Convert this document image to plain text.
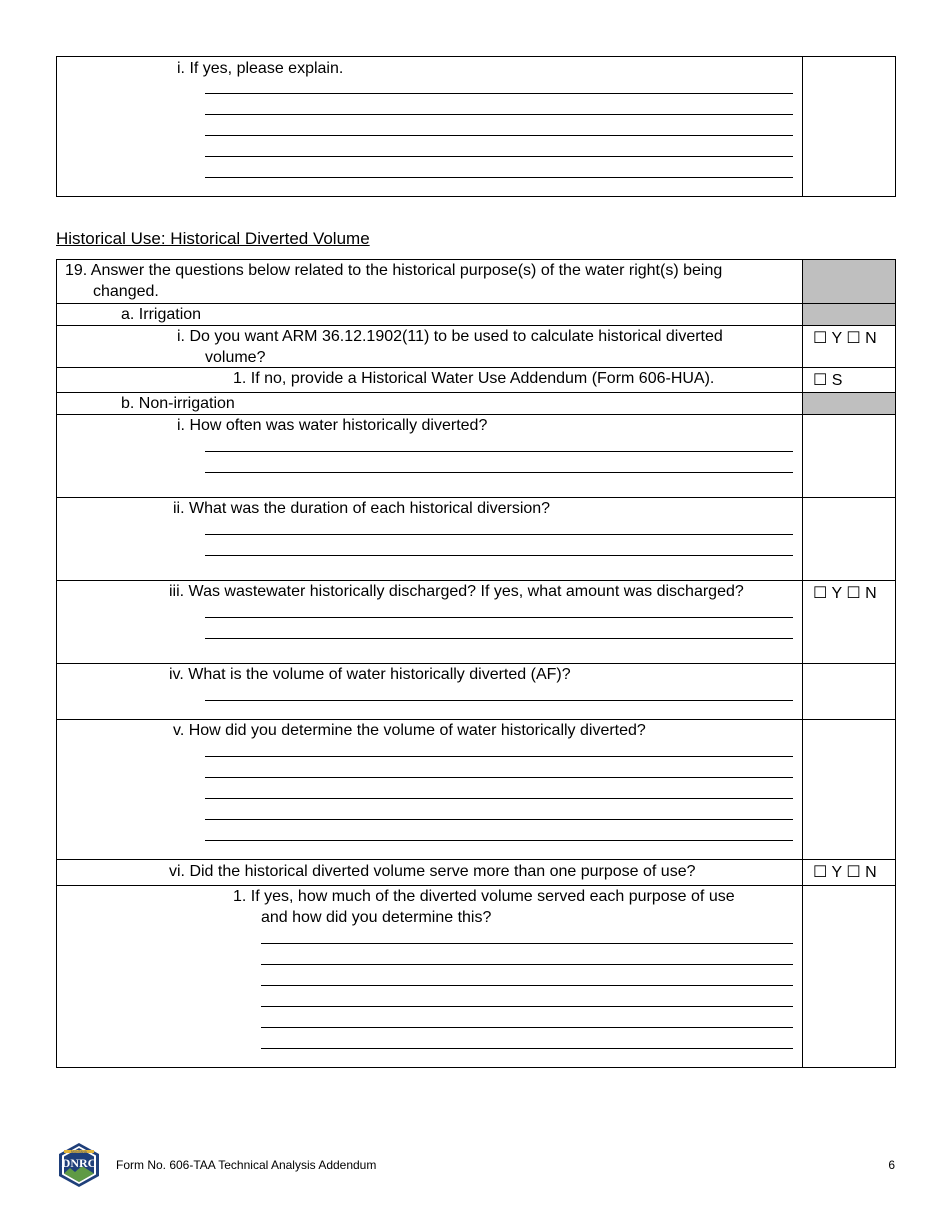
i. If yes, please explain.

Historical Use: Historical Diverted Volume
19. Answer the questions below related to the historical purpose(s) of the water right(s) being
changed.	

a. Irrigation	

i. Do you want ARM 36.12.1902(11) to be used to calculate historical diverted
volume?	☐ Y ☐ N

1. If no, provide a Historical Water Use Addendum (Form 606-HUA).	☐ S

b. Non-irrigation	

i. How often was water historically diverted?	

ii. What was the duration of each historical diversion?	

iii. Was wastewater historically discharged? If yes, what amount was discharged?	☐ Y ☐ N

iv. What is the volume of water historically diverted (AF)?	

v. How did you determine the volume of water historically diverted?	

vi. Did the historical diverted volume serve more than one purpose of use?	☐ Y ☐ N

1. If yes, how much of the diverted volume served each purpose of use
and how did you determine this?	

MONTANA
DNRC Form No. 606-TAA Technical Analysis Addendum	6
